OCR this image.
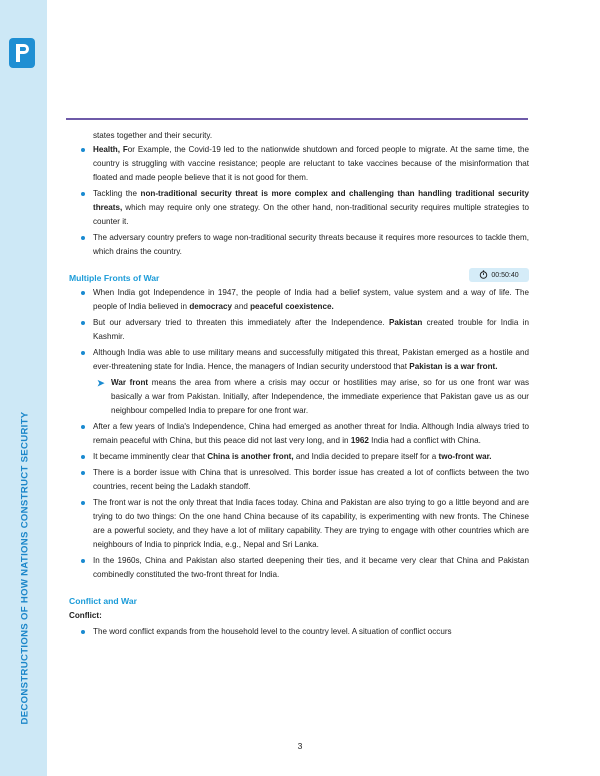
DECONSTRUCTIONS OF HOW NATIONS CONSTRUCT SECURITY

states together and their security.

Health, For Example, the Covid-19 led to the nationwide shutdown and forced people to migrate. At the same time, the country is struggling with vaccine resistance; people are reluctant to take vaccines because of the misinformation that floated and made people believe that it is not good for them.
Tackling the non-traditional security threat is more complex and challenging than handling traditional security threats, which may require only one strategy. On the other hand, non-traditional security requires multiple strategies to counter it.
The adversary country prefers to wage non-traditional security threats because it requires more resources to tackle them, which drains the country.
Multiple Fronts of War	00:50:40
When India got Independence in 1947, the people of India had a belief system, value system and a way of life. The people of India believed in democracy and peaceful coexistence.
But our adversary tried to threaten this immediately after the Independence. Pakistan created trouble for India in Kashmir.
Although India was able to use military means and successfully mitigated this threat, Pakistan emerged as a hostile and ever-threatening state for India. Hence, the managers of Indian security understood that Pakistan is a war front.
➤ War front means the area from where a crisis may occur or hostilities may arise, so for us one front war was basically a war from Pakistan. Initially, after Independence, the immediate experience that Pakistan gave us as our neighbour compelled India to prepare for one front war.
After a few years of India's Independence, China had emerged as another threat for India. Although India always tried to remain peaceful with China, but this peace did not last very long, and in 1962 India had a conflict with China.
It became imminently clear that China is another front, and India decided to prepare itself for a two-front war.
There is a border issue with China that is unresolved. This border issue has created a lot of conflicts between the two countries, recent being the Ladakh standoff.
The front war is not the only threat that India faces today. China and Pakistan are also trying to go a little beyond and are trying to do two things: On the one hand China because of its capability, is experimenting with new fronts. The Chinese are a powerful society, and they have a lot of military capability. They are trying to engage with other countries which are neighbours of India to pinprick India, e.g., Nepal and Sri Lanka.
In the 1960s, China and Pakistan also started deepening their ties, and it became very clear that China and Pakistan combinedly constituted the two-front threat for India.
Conflict and War
Conflict:
The word conflict expands from the household level to the country level. A situation of conflict occurs
3
